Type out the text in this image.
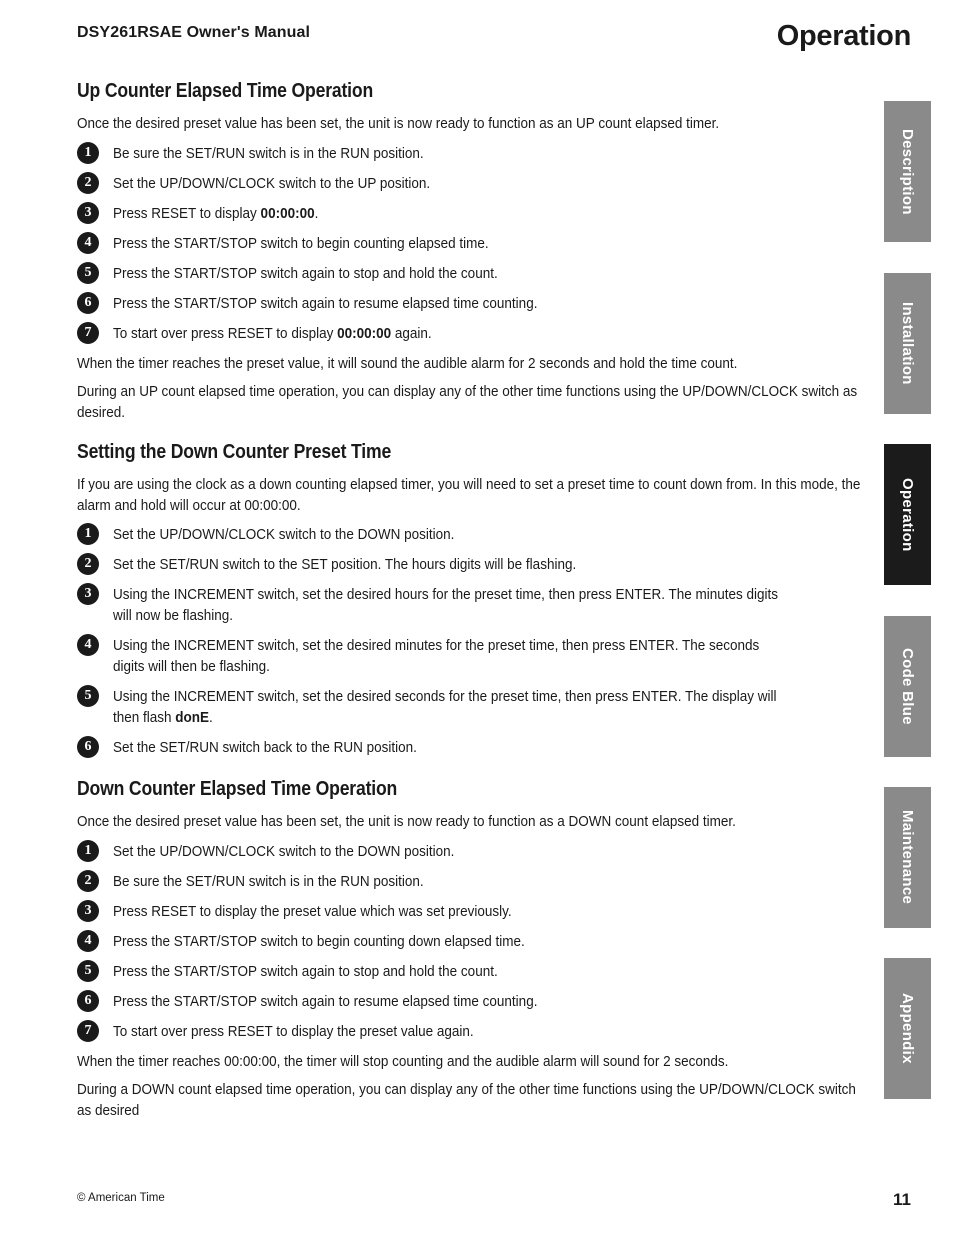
DSY261RSAE Owner's Manual	Operation
Up Counter Elapsed Time Operation

Once the desired preset value has been set, the unit is now ready to function as an UP count elapsed timer.

1	Be sure the SET/RUN switch is in the RUN position.
2	Set the UP/DOWN/CLOCK switch to the UP position.
3	Press RESET to display 00:00:00.
4	Press the START/STOP switch to begin counting elapsed time.
5	Press the START/STOP switch again to stop and hold the count.
6	Press the START/STOP switch again to resume elapsed time counting.
7	To start over press RESET to display 00:00:00 again.

When the timer reaches the preset value, it will sound the audible alarm for 2 seconds and hold the time count.

During an UP count elapsed time operation, you can display any of the other time functions using the UP/DOWN/CLOCK switch as desired.

Setting the Down Counter Preset Time

If you are using the clock as a down counting elapsed timer, you will need to set a preset time to count down from. In this mode, the alarm and hold will occur at 00:00:00.

1	Set the UP/DOWN/CLOCK switch to the DOWN position.
2	Set the SET/RUN switch to the SET position. The hours digits will be flashing.
3	Using the INCREMENT switch, set the desired hours for the preset time, then press ENTER. The minutes digits will now be flashing.
4	Using the INCREMENT switch, set the desired minutes for the preset time, then press ENTER. The seconds digits will then be flashing.
5	Using the INCREMENT switch, set the desired seconds for the preset time, then press ENTER. The display will then flash donE.
6	Set the SET/RUN switch back to the RUN position.
Down Counter Elapsed Time Operation

Once the desired preset value has been set, the unit is now ready to function as a DOWN count elapsed timer.

1	Set the UP/DOWN/CLOCK switch to the DOWN position.
2	Be sure the SET/RUN switch is in the RUN position.
3	Press RESET to display the preset value which was set previously.
4	Press the START/STOP switch to begin counting down elapsed time.
5	Press the START/STOP switch again to stop and hold the count.
6	Press the START/STOP switch again to resume elapsed time counting.
7	To start over press RESET to display the preset value again.

When the timer reaches 00:00:00, the timer will stop counting and the audible alarm will sound for 2 seconds.

During a DOWN count elapsed time operation, you can display any of the other time functions using the UP/DOWN/CLOCK switch as desired

Description
Installation
Operation
Code Blue
Maintenance
Appendix
© American Time	11
